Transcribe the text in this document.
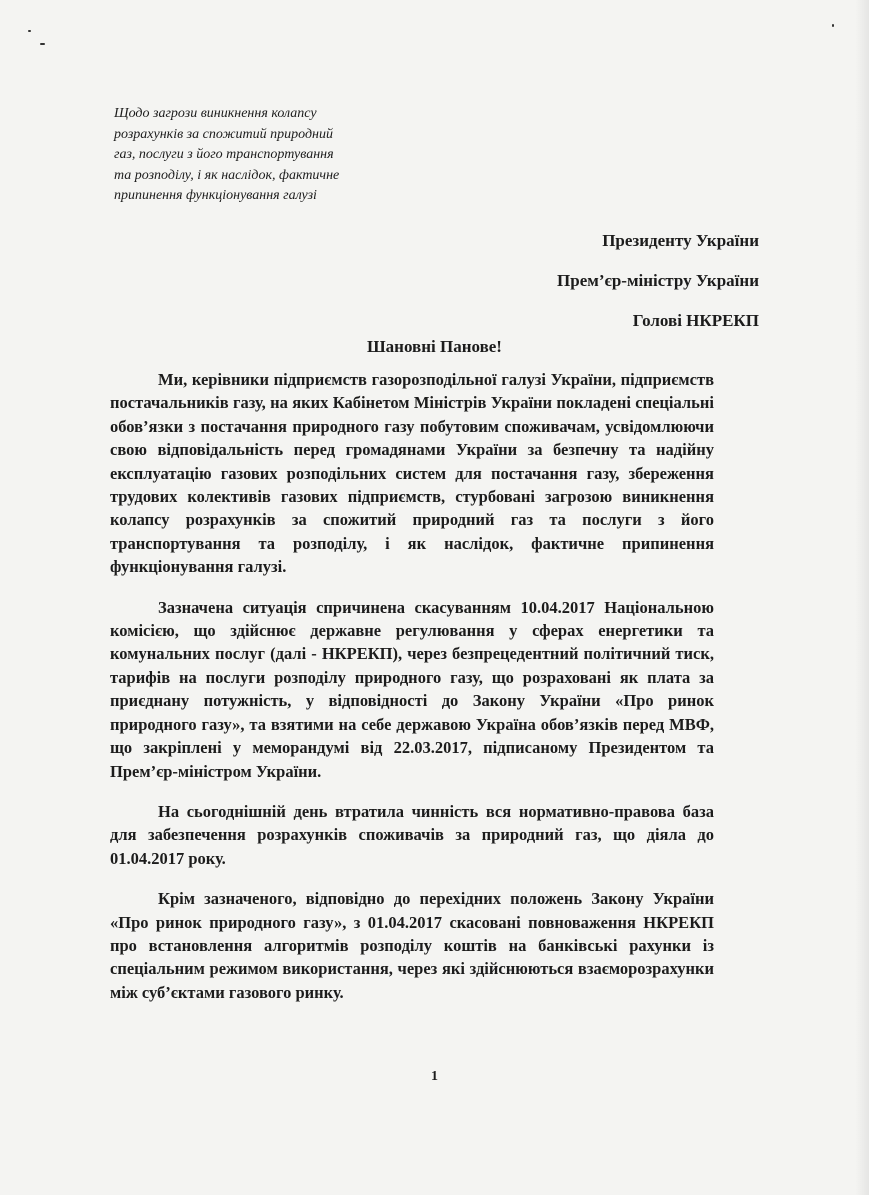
Щодо загрози виникнення колапсу
розрахунків за спожитий природний
газ, послуги з його транспортування
та розподілу, і як наслідок, фактичне
припинення функціонування галузі
Президенту України
Прем’єр-міністру України
Голові НКРЕКП
Шановні Панове!

Ми, керівники підприємств газорозподільної галузі України, підприємств постачальників газу, на яких Кабінетом Міністрів України покладені спеціальні обов’язки з постачання природного газу побутовим споживачам, усвідомлюючи свою відповідальність перед громадянами України за безпечну та надійну експлуатацію газових розподільних систем для постачання газу, збереження трудових колективів газових підприємств, стурбовані загрозою виникнення колапсу розрахунків за спожитий природний газ та послуги з його транспортування та розподілу, і як наслідок, фактичне припинення функціонування галузі.

Зазначена ситуація спричинена скасуванням 10.04.2017 Національною комісією, що здійснює державне регулювання у сферах енергетики та комунальних послуг (далі - НКРЕКП), через безпрецедентний політичний тиск, тарифів на послуги розподілу природного газу, що розраховані як плата за приєднану потужність, у відповідності до Закону України «Про ринок природного газу», та взятими на себе державою Україна обов’язків перед МВФ, що закріплені у меморандумі від 22.03.2017, підписаному Президентом та Прем’єр-міністром України.

На сьогоднішній день втратила чинність вся нормативно-правова база для забезпечення розрахунків споживачів за природний газ, що діяла до 01.04.2017 року.

Крім зазначеного, відповідно до перехідних положень Закону України «Про ринок природного газу», з 01.04.2017 скасовані повноваження НКРЕКП про встановлення алгоритмів розподілу коштів на банківські рахунки із спеціальним режимом використання, через які здійснюються взаєморозрахунки між суб’єктами газового ринку.

1
